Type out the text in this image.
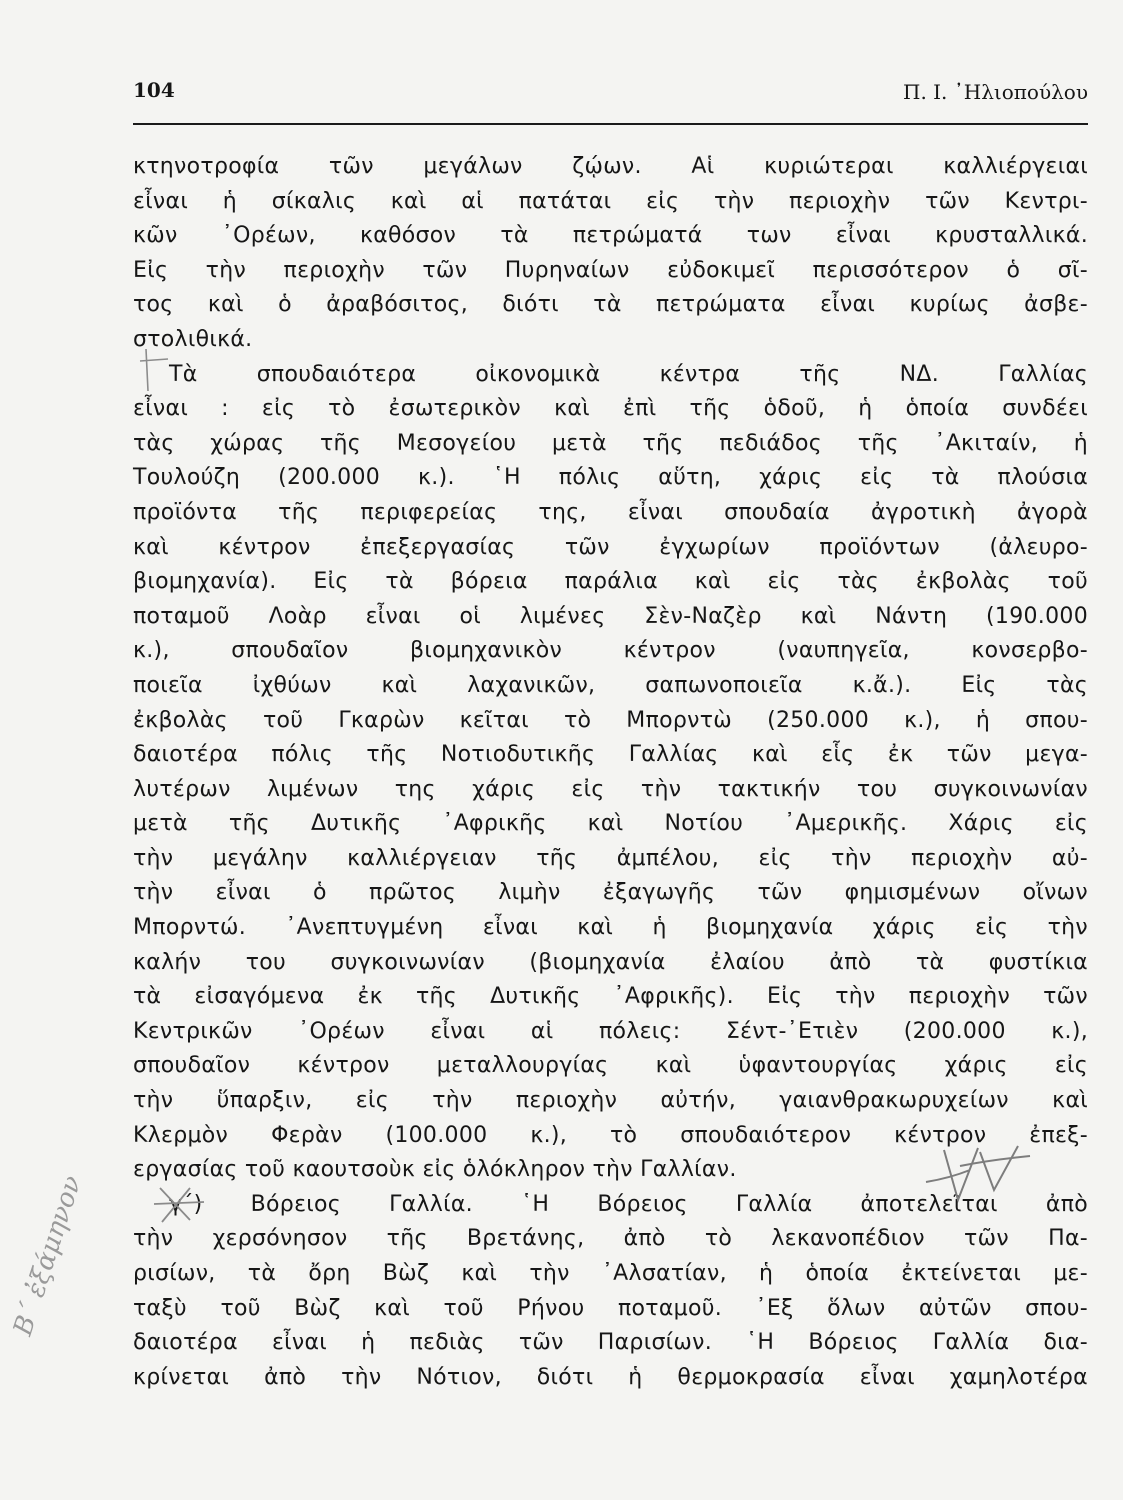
104	Π. Ι. ᾿Ηλιοπούλου
κτηνοτροφία τῶν μεγάλων ζῴων. Αἱ κυριώτεραι καλλιέργειαι
εἶναι ἡ σίκαλις καὶ αἱ πατάται εἰς τὴν περιοχὴν τῶν Κεντρι-
κῶν ᾿Ορέων, καθόσον τὰ πετρώματά των εἶναι κρυσταλλικά.
Εἰς τὴν περιοχὴν τῶν Πυρηναίων εὐδοκιμεῖ περισσότερον ὁ σῖ-
τος καὶ ὁ ἀραβόσιτος, διότι τὰ πετρώματα εἶναι κυρίως ἀσβε-
στολιθικά.
Τὰ σπουδαιότερα οἰκονομικὰ κέντρα τῆς ΝΔ. Γαλλίας
εἶναι : εἰς τὸ ἐσωτερικὸν καὶ ἐπὶ τῆς ὁδοῦ, ἡ ὁποία συνδέει
τὰς χώρας τῆς Μεσογείου μετὰ τῆς πεδιάδος τῆς ᾿Ακιταίν, ἡ
Τουλούζη (200.000 κ.). ῾Η πόλις αὕτη, χάρις εἰς τὰ πλούσια
προϊόντα τῆς περιφερείας της, εἶναι σπουδαία ἀγροτικὴ ἀγορὰ
καὶ κέντρον ἐπεξεργασίας τῶν ἐγχωρίων προϊόντων (ἀλευρο-
βιομηχανία). Εἰς τὰ βόρεια παράλια καὶ εἰς τὰς ἐκβολὰς τοῦ
ποταμοῦ Λοὰρ εἶναι οἱ λιμένες Σὲν-Ναζὲρ καὶ Νάντη (190.000
κ.), σπουδαῖον βιομηχανικὸν κέντρον (ναυπηγεῖα, κονσερβο-
ποιεῖα ἰχθύων καὶ λαχανικῶν, σαπωνοποιεῖα κ.ἄ.). Εἰς τὰς
ἐκβολὰς τοῦ Γκαρὼν κεῖται τὸ Μπορντὼ (250.000 κ.), ἡ σπου-
δαιοτέρα πόλις τῆς Νοτιοδυτικῆς Γαλλίας καὶ εἷς ἐκ τῶν μεγα-
λυτέρων λιμένων της χάρις εἰς τὴν τακτικήν του συγκοινωνίαν
μετὰ τῆς Δυτικῆς ᾿Αφρικῆς καὶ Νοτίου ᾿Αμερικῆς. Χάρις εἰς
τὴν μεγάλην καλλιέργειαν τῆς ἀμπέλου, εἰς τὴν περιοχὴν αὐ-
τὴν εἶναι ὁ πρῶτος λιμὴν ἐξαγωγῆς τῶν φημισμένων οἴνων
Μπορντώ. ᾿Ανεπτυγμένη εἶναι καὶ ἡ βιομηχανία χάρις εἰς τὴν
καλήν του συγκοινωνίαν (βιομηχανία ἐλαίου ἀπὸ τὰ φυστίκια
τὰ εἰσαγόμενα ἐκ τῆς Δυτικῆς ᾿Αφρικῆς). Εἰς τὴν περιοχὴν τῶν
Κεντρικῶν ᾿Ορέων εἶναι αἱ πόλεις: Σέντ-᾿Ετιὲν (200.000 κ.),
σπουδαῖον κέντρον μεταλλουργίας καὶ ὑφαντουργίας χάρις εἰς
τὴν ὕπαρξιν, εἰς τὴν περιοχὴν αὐτήν, γαιανθρακωρυχείων καὶ
Κλερμὸν Φερὰν (100.000 κ.), τὸ σπουδαιότερον κέντρον ἐπεξ-
εργασίας τοῦ καουτσοὺκ εἰς ὁλόκληρον τὴν Γαλλίαν.
γ΄) Βόρειος Γαλλία. ῾Η Βόρειος Γαλλία ἀποτελεῖται ἀπὸ
τὴν χερσόνησον τῆς Βρετάνης, ἀπὸ τὸ λεκανοπέδιον τῶν Πα-
ρισίων, τὰ ὄρη Βὼζ καὶ τὴν ᾿Αλσατίαν, ἡ ὁποία ἐκτείνεται με-
ταξὺ τοῦ Βὼζ καὶ τοῦ Ρήνου ποταμοῦ. ᾿Εξ ὅλων αὐτῶν σπου-
δαιοτέρα εἶναι ἡ πεδιὰς τῶν Παρισίων. ῾Η Βόρειος Γαλλία δια-
κρίνεται ἀπὸ τὴν Νότιον, διότι ἡ θερμοκρασία εἶναι χαμηλοτέρα
Β΄ ἐξάμηνον
